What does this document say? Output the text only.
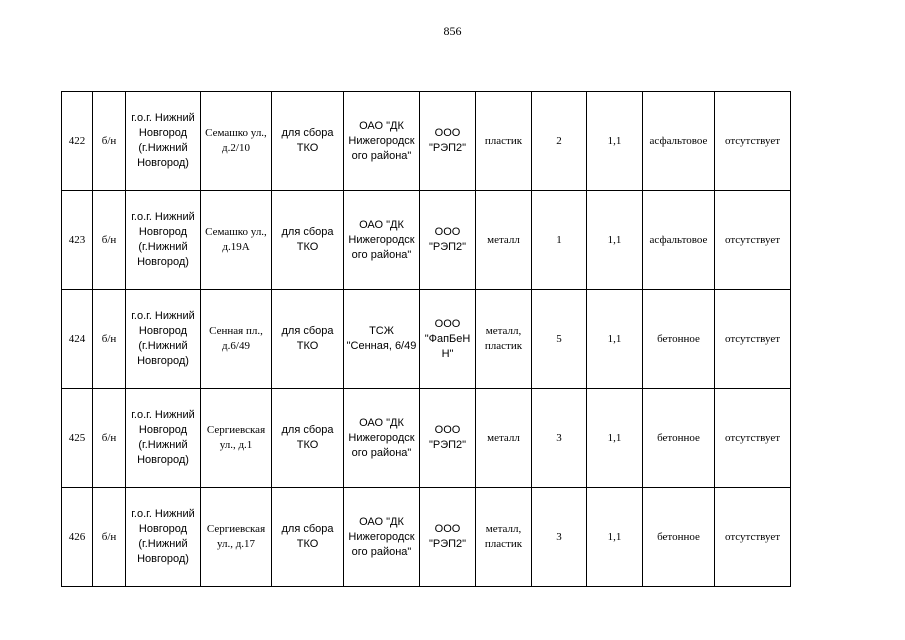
856
422	б/н	г.о.г. Нижний Новгород (г.Нижний Новгород)	Семашко ул., д.2/10	для сбора ТКО	ОАО "ДК Нижегородск ого района"	ООО "РЭП2"	пластик	2	1,1	асфальтовое	отсутствует
423	б/н	г.о.г. Нижний Новгород (г.Нижний Новгород)	Семашко ул., д.19А	для сбора ТКО	ОАО "ДК Нижегородск ого района"	ООО "РЭП2"	металл	1	1,1	асфальтовое	отсутствует
424	б/н	г.о.г. Нижний Новгород (г.Нижний Новгород)	Сенная пл., д.6/49	для сбора ТКО	ТСЖ "Сенная, 6/49	ООО "ФапБеН Н"	металл, пластик	5	1,1	бетонное	отсутствует
425	б/н	г.о.г. Нижний Новгород (г.Нижний Новгород)	Сергиевская ул., д.1	для сбора ТКО	ОАО "ДК Нижегородск ого района"	ООО "РЭП2"	металл	3	1,1	бетонное	отсутствует
426	б/н	г.о.г. Нижний Новгород (г.Нижний Новгород)	Сергиевская ул., д.17	для сбора ТКО	ОАО "ДК Нижегородск ого района"	ООО "РЭП2"	металл, пластик	3	1,1	бетонное	отсутствует
